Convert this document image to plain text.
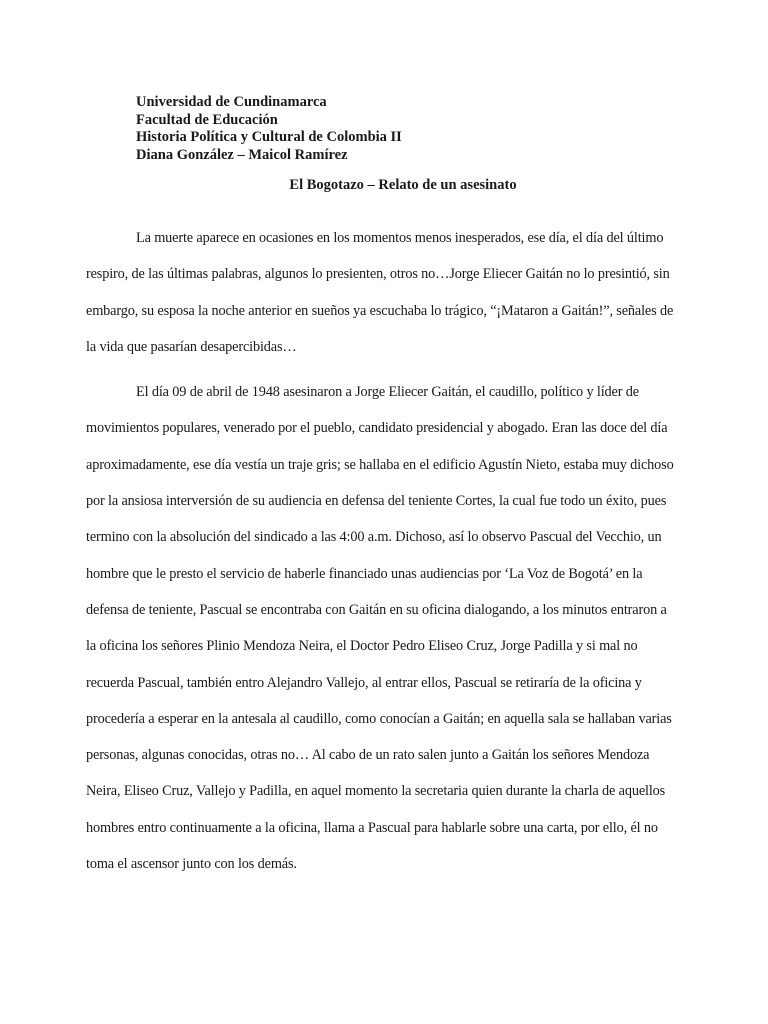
Universidad de Cundinamarca
Facultad de Educación
Historia Política y Cultural de Colombia II
Diana González – Maicol Ramírez
El Bogotazo – Relato de un asesinato

La muerte aparece en ocasiones en los momentos menos inesperados, ese día, el día del último respiro, de las últimas palabras, algunos lo presienten, otros no…Jorge Eliecer Gaitán no lo presintió, sin embargo, su esposa la noche anterior en sueños ya escuchaba lo trágico, “¡Mataron a Gaitán!”, señales de la vida que pasarían desapercibidas…

El día 09 de abril de 1948 asesinaron a Jorge Eliecer Gaitán, el caudillo, político y líder de movimientos populares, venerado por el pueblo, candidato presidencial y abogado. Eran las doce del día aproximadamente, ese día vestía un traje gris; se hallaba en el edificio Agustín Nieto, estaba muy dichoso por la ansiosa interversión de su audiencia en defensa del teniente Cortes, la cual fue todo un éxito, pues termino con la absolución del sindicado a las 4:00 a.m. Dichoso, así lo observo Pascual del Vecchio, un hombre que le presto el servicio de haberle financiado unas audiencias por ‘La Voz de Bogotá’ en la defensa de teniente, Pascual se encontraba con Gaitán en su oficina dialogando, a los minutos entraron a la oficina los señores Plinio Mendoza Neira, el Doctor Pedro Eliseo Cruz, Jorge Padilla y si mal no recuerda Pascual, también entro Alejandro Vallejo, al entrar ellos, Pascual se retiraría de la oficina y procedería a esperar en la antesala al caudillo, como conocían a Gaitán; en aquella sala se hallaban varias personas, algunas conocidas, otras no… Al cabo de un rato salen junto a Gaitán los señores Mendoza Neira, Eliseo Cruz, Vallejo y Padilla, en aquel momento la secretaria quien durante la charla de aquellos hombres entro continuamente a la oficina, llama a Pascual para hablarle sobre una carta, por ello, él no toma el ascensor junto con los demás.
